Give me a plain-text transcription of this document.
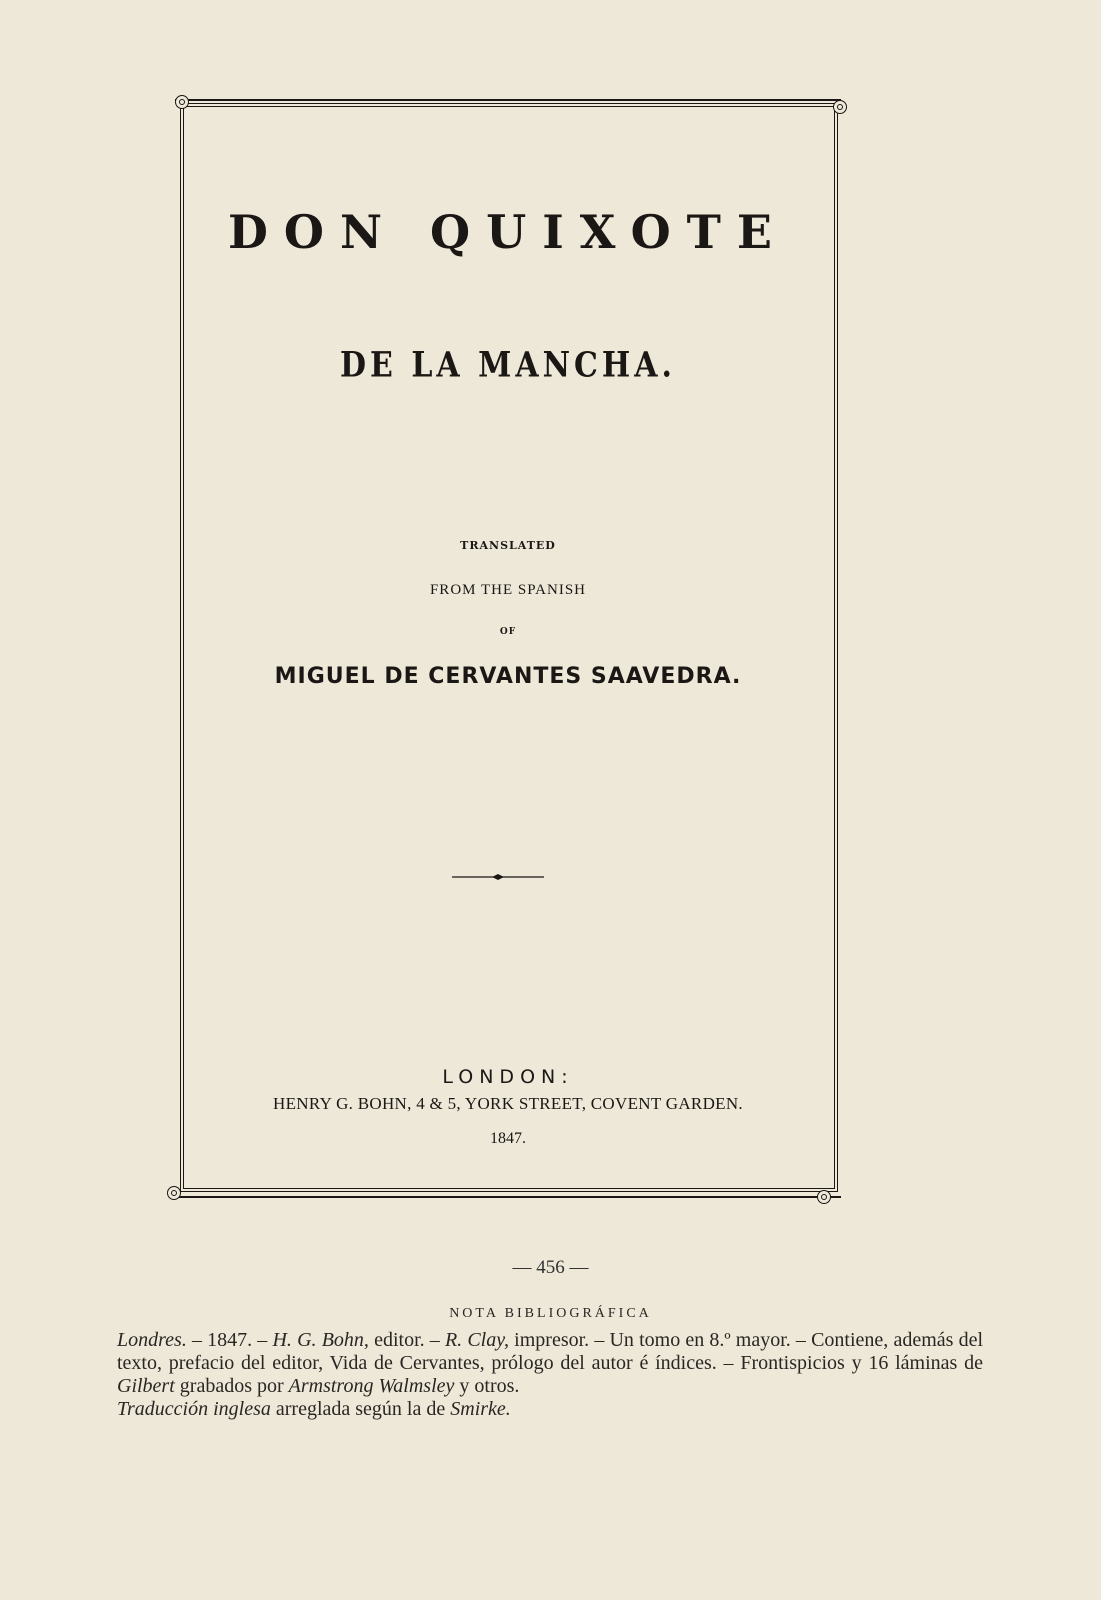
DON QUIXOTE
DE LA MANCHA.
TRANSLATED
FROM THE SPANISH
OF
MIGUEL DE CERVANTES SAAVEDRA.
LONDON:
HENRY G. BOHN, 4 & 5, YORK STREET, COVENT GARDEN.
1847.
— 456 —
NOTA BIBLIOGRÁFICA

Londres. – 1847. – H. G. Bohn, editor. – R. Clay, impresor. – Un tomo en 8.º mayor. – Contiene, además del texto, prefacio del editor, Vida de Cervantes, prólogo del autor é índices. – Frontispicios y 16 láminas de Gilbert grabados por Armstrong Walmsley y otros.

Traducción inglesa arreglada según la de Smirke.
